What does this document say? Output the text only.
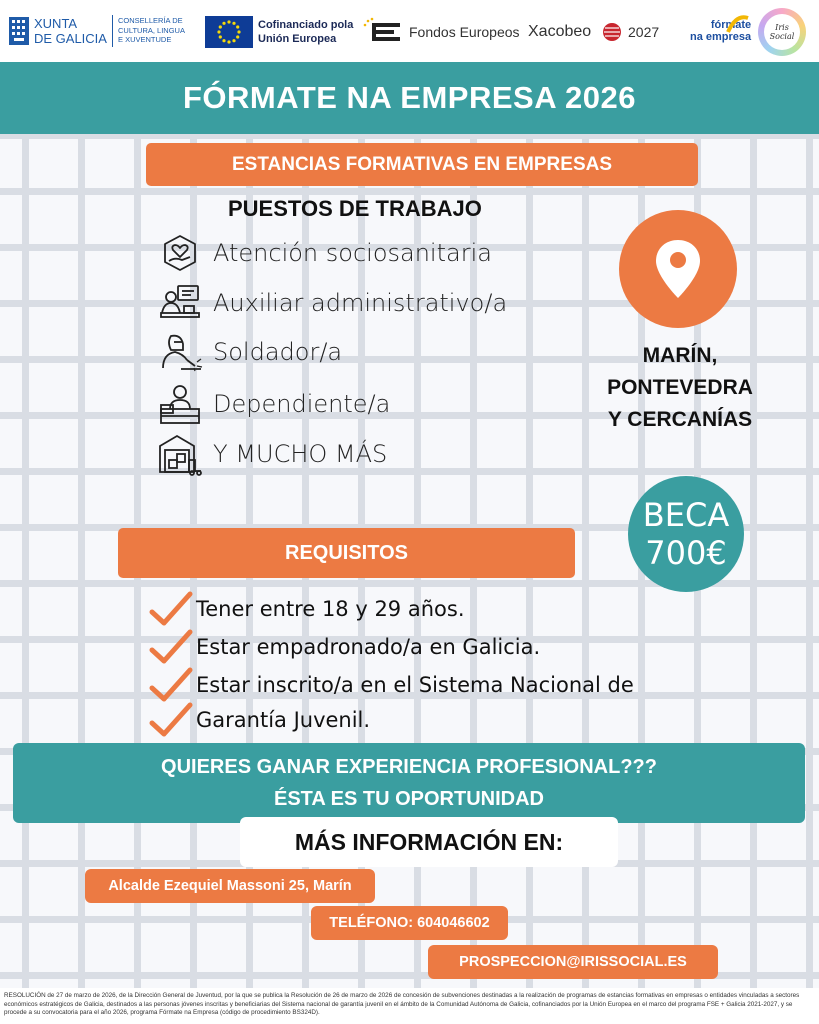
XUNTA
DE GALICIA
CONSELLERÍA DE
CULTURA, LINGUA
E XUVENTUDE
Cofinanciado pola
Unión Europea	Fondos Europeos Xacobeo	2027	fórmate
na empresa
Iris
Social
FÓRMATE NA EMPRESA 2026
ESTANCIAS FORMATIVAS EN EMPRESAS
PUESTOS DE TRABAJO
Atención sociosanitaria
Auxiliar administrativo/a
Soldador/a
Dependiente/a
Y MUCHO MÁS
MARÍN,
PONTEVEDRA
Y CERCANÍAS
BECA
700€
REQUISITOS
Tener entre 18 y 29 años.
Estar empadronado/a en Galicia.
Estar inscrito/a en el Sistema Nacional de
Garantía Juvenil.
QUIERES GANAR EXPERIENCIA PROFESIONAL???
ÉSTA ES TU OPORTUNIDAD
MÁS INFORMACIÓN EN:
Alcalde Ezequiel Massoni 25, Marín
TELÉFONO: 604046602
PROSPECCION@IRISSOCIAL.ES
RESOLUCIÓN de 27 de marzo de 2026, de la Dirección General de Juventud, por la que se publica la Resolución de 26 de marzo de 2026 de concesión de subvenciones destinadas a la realización de programas de estancias formativas en empresas o entidades vinculadas a sectores económicos estratégicos de Galicia, destinados a las personas jóvenes inscritas y beneficiarias del Sistema nacional de garantía juvenil en el ámbito de la Comunidad Autónoma de Galicia, cofinanciados por la Unión Europea en el marco del programa FSE + Galicia 2021-2027, y se procede a su convocatoria para el año 2026, programa Fórmate na Empresa (código de procedimiento BS324D).
